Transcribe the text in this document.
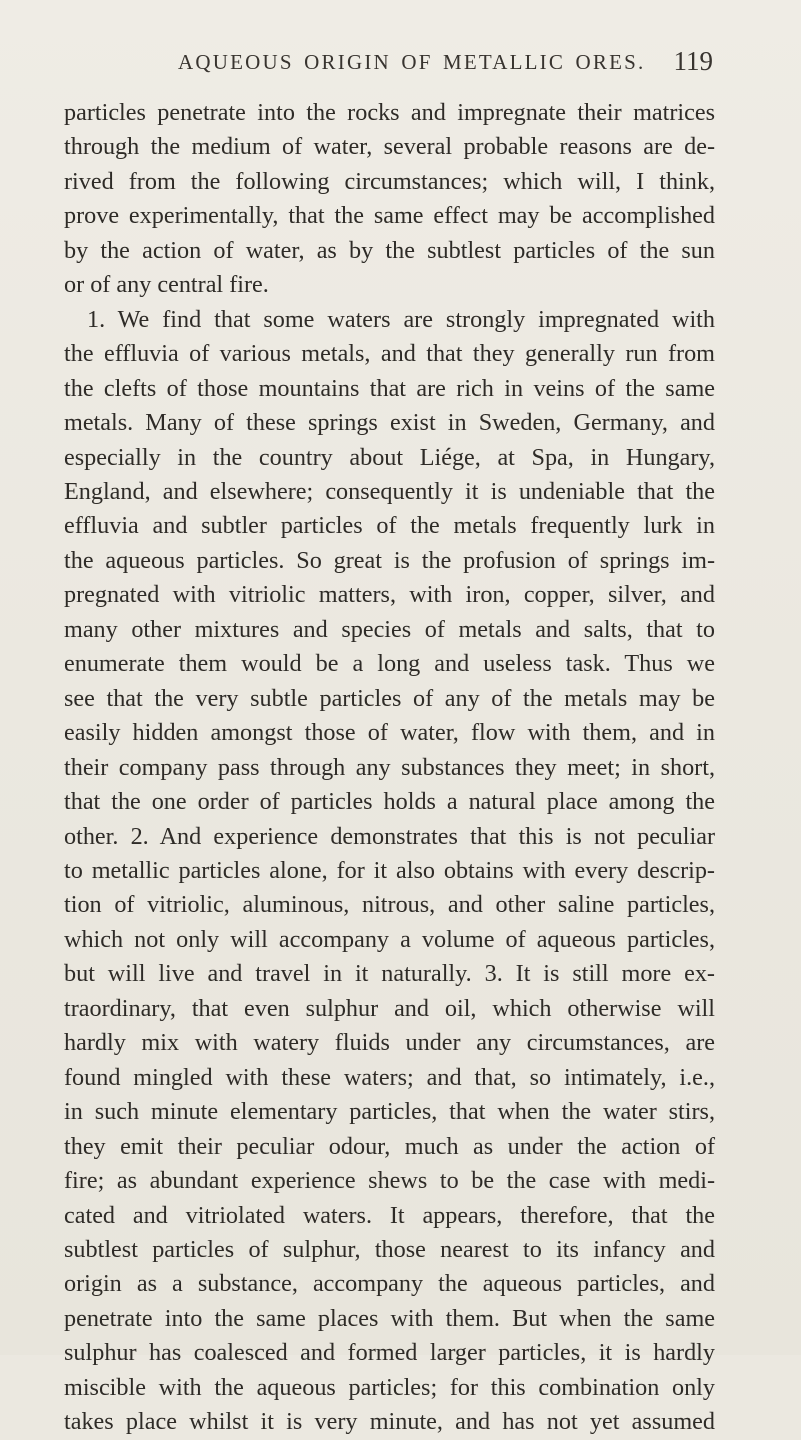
AQUEOUS ORIGIN OF METALLIC ORES. 119

particles penetrate into the rocks and impregnate their matrices
through the medium of water, several probable reasons are de-
rived from the following circumstances; which will, I think,
prove experimentally, that the same effect may be accomplished
by the action of water, as by the subtlest particles of the sun
or of any central fire.
1. We find that some waters are strongly impregnated with
the effluvia of various metals, and that they generally run from
the clefts of those mountains that are rich in veins of the same
metals. Many of these springs exist in Sweden, Germany, and
especially in the country about Liége, at Spa, in Hungary,
England, and elsewhere; consequently it is undeniable that the
effluvia and subtler particles of the metals frequently lurk in
the aqueous particles. So great is the profusion of springs im-
pregnated with vitriolic matters, with iron, copper, silver, and
many other mixtures and species of metals and salts, that to
enumerate them would be a long and useless task. Thus we
see that the very subtle particles of any of the metals may be
easily hidden amongst those of water, flow with them, and in
their company pass through any substances they meet; in short,
that the one order of particles holds a natural place among the
other. 2. And experience demonstrates that this is not peculiar
to metallic particles alone, for it also obtains with every descrip-
tion of vitriolic, aluminous, nitrous, and other saline particles,
which not only will accompany a volume of aqueous particles,
but will live and travel in it naturally. 3. It is still more ex-
traordinary, that even sulphur and oil, which otherwise will
hardly mix with watery fluids under any circumstances, are
found mingled with these waters; and that, so intimately, i.e.,
in such minute elementary particles, that when the water stirs,
they emit their peculiar odour, much as under the action of
fire; as abundant experience shews to be the case with medi-
cated and vitriolated waters. It appears, therefore, that the
subtlest particles of sulphur, those nearest to its infancy and
origin as a substance, accompany the aqueous particles, and
penetrate into the same places with them. But when the same
sulphur has coalesced and formed larger particles, it is hardly
miscible with the aqueous particles; for this combination only
takes place whilst it is very minute, and has not yet assumed
